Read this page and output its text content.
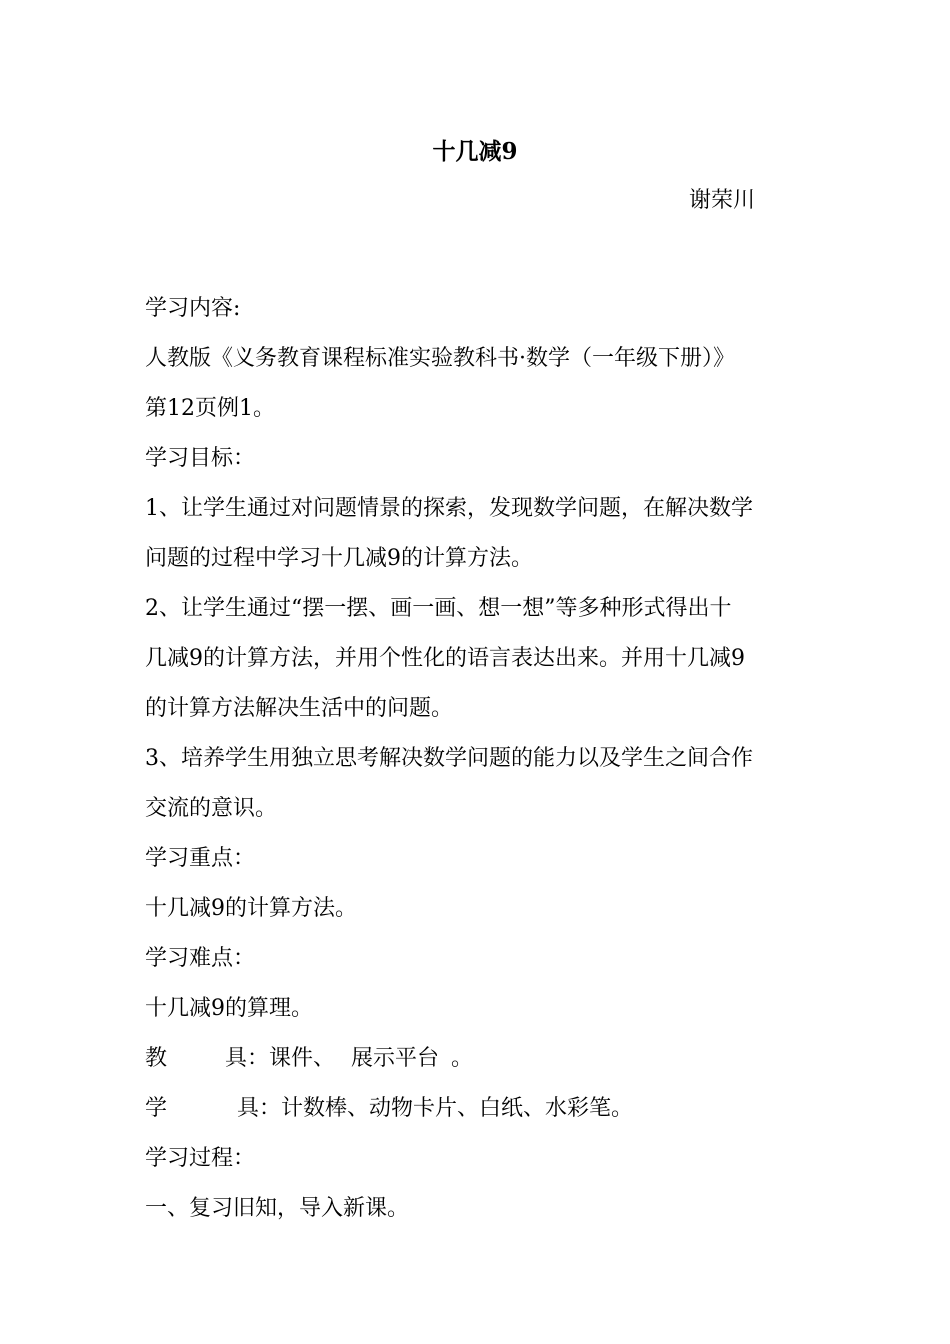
十几减9
谢荣川
学习内容:
人教版《义务教育课程标准实验教科书·数学（一年级下册）》
第12页例1。
学习目标：
1、让学生通过对问题情景的探索，发现数学问题，在解决数学
问题的过程中学习十几减9的计算方法。
2、让学生通过“摆一摆、画一画、想一想”等多种形式得出十
几减9的计算方法，并用个性化的语言表达出来。并用十几减9
的计算方法解决生活中的问题。
3、培养学生用独立思考解决数学问题的能力以及学生之间合作
交流的意识。
学习重点：
十几减9的计算方法。
学习难点：
十几减9的算理。
教	具：课件、 展示平台 。
学	具：计数棒、动物卡片、白纸、水彩笔。
学习过程：
一、复习旧知，导入新课。
